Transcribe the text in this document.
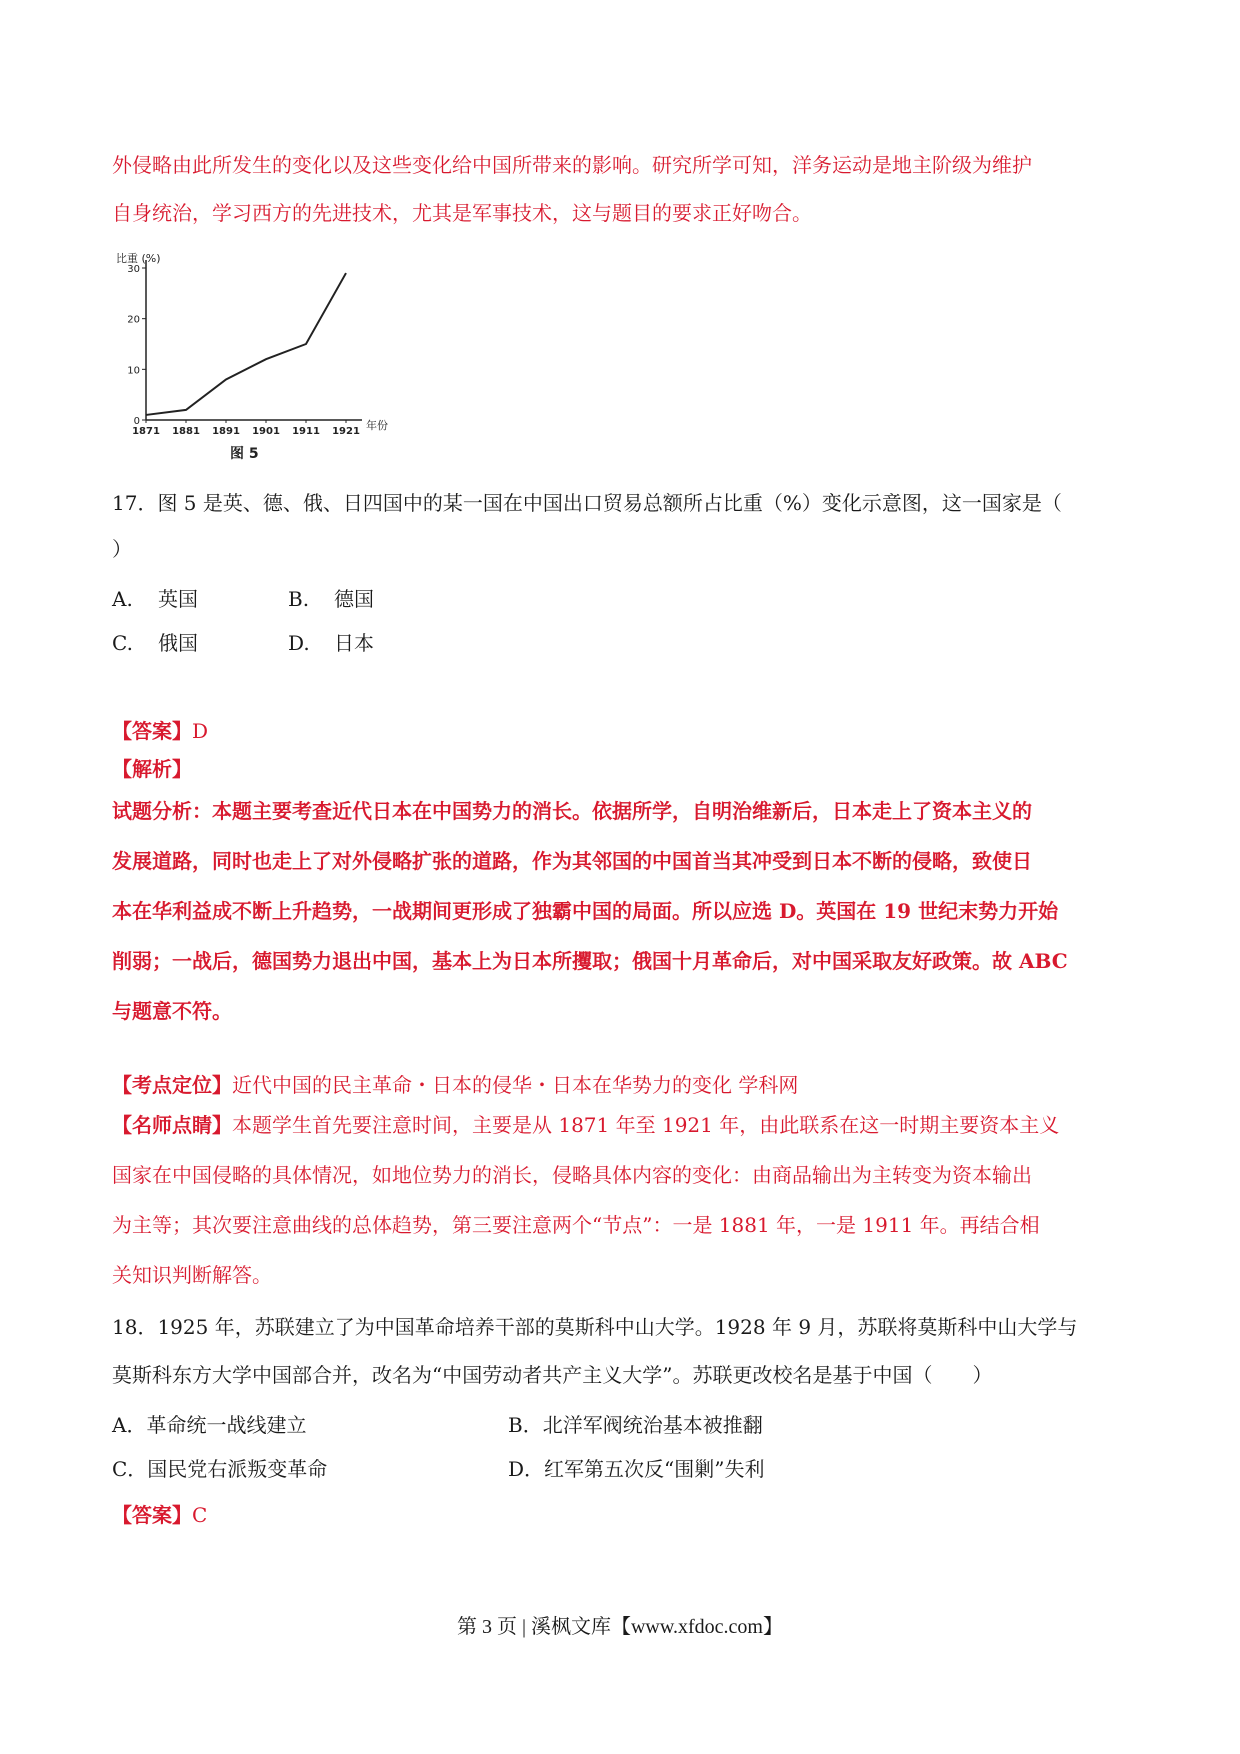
外侵略由此所发生的变化以及这些变化给中国所带来的影响。研究所学可知，洋务运动是地主阶级为维护
自身统治，学习西方的先进技术，尤其是军事技术，这与题目的要求正好吻合。
比重 (%)
年份
图 5
0
10
20
30
1871 1881 1891 1901 1911 1921
17．图 5 是英、德、俄、日四国中的某一国在中国出口贸易总额所占比重（%）变化示意图，这一国家是（
）
A. 英国	B. 德国
C. 俄国	D. 日本
【答案】D
【解析】
试题分析：本题主要考查近代日本在中国势力的消长。依据所学，自明治维新后，日本走上了资本主义的
发展道路，同时也走上了对外侵略扩张的道路，作为其邻国的中国首当其冲受到日本不断的侵略，致使日
本在华利益成不断上升趋势，一战期间更形成了独霸中国的局面。所以应选 D。英国在 19 世纪末势力开始
削弱；一战后，德国势力退出中国，基本上为日本所攫取；俄国十月革命后，对中国采取友好政策。故 ABC
与题意不符。
【考点定位】近代中国的民主革命・日本的侵华・日本在华势力的变化 学科网
【名师点睛】本题学生首先要注意时间，主要是从 1871 年至 1921 年，由此联系在这一时期主要资本主义
国家在中国侵略的具体情况，如地位势力的消长，侵略具体内容的变化：由商品输出为主转变为资本输出
为主等；其次要注意曲线的总体趋势，第三要注意两个“节点”：一是 1881 年，一是 1911 年。再结合相
关知识判断解答。
18．1925 年，苏联建立了为中国革命培养干部的莫斯科中山大学。1928 年 9 月，苏联将莫斯科中山大学与
莫斯科东方大学中国部合并，改名为“中国劳动者共产主义大学”。苏联更改校名是基于中国（　　）
A．革命统一战线建立	B．北洋军阀统治基本被推翻
C．国民党右派叛变革命	D．红军第五次反“围剿”失利
【答案】C
第 3 页 | 溪枫文库【www.xfdoc.com】
